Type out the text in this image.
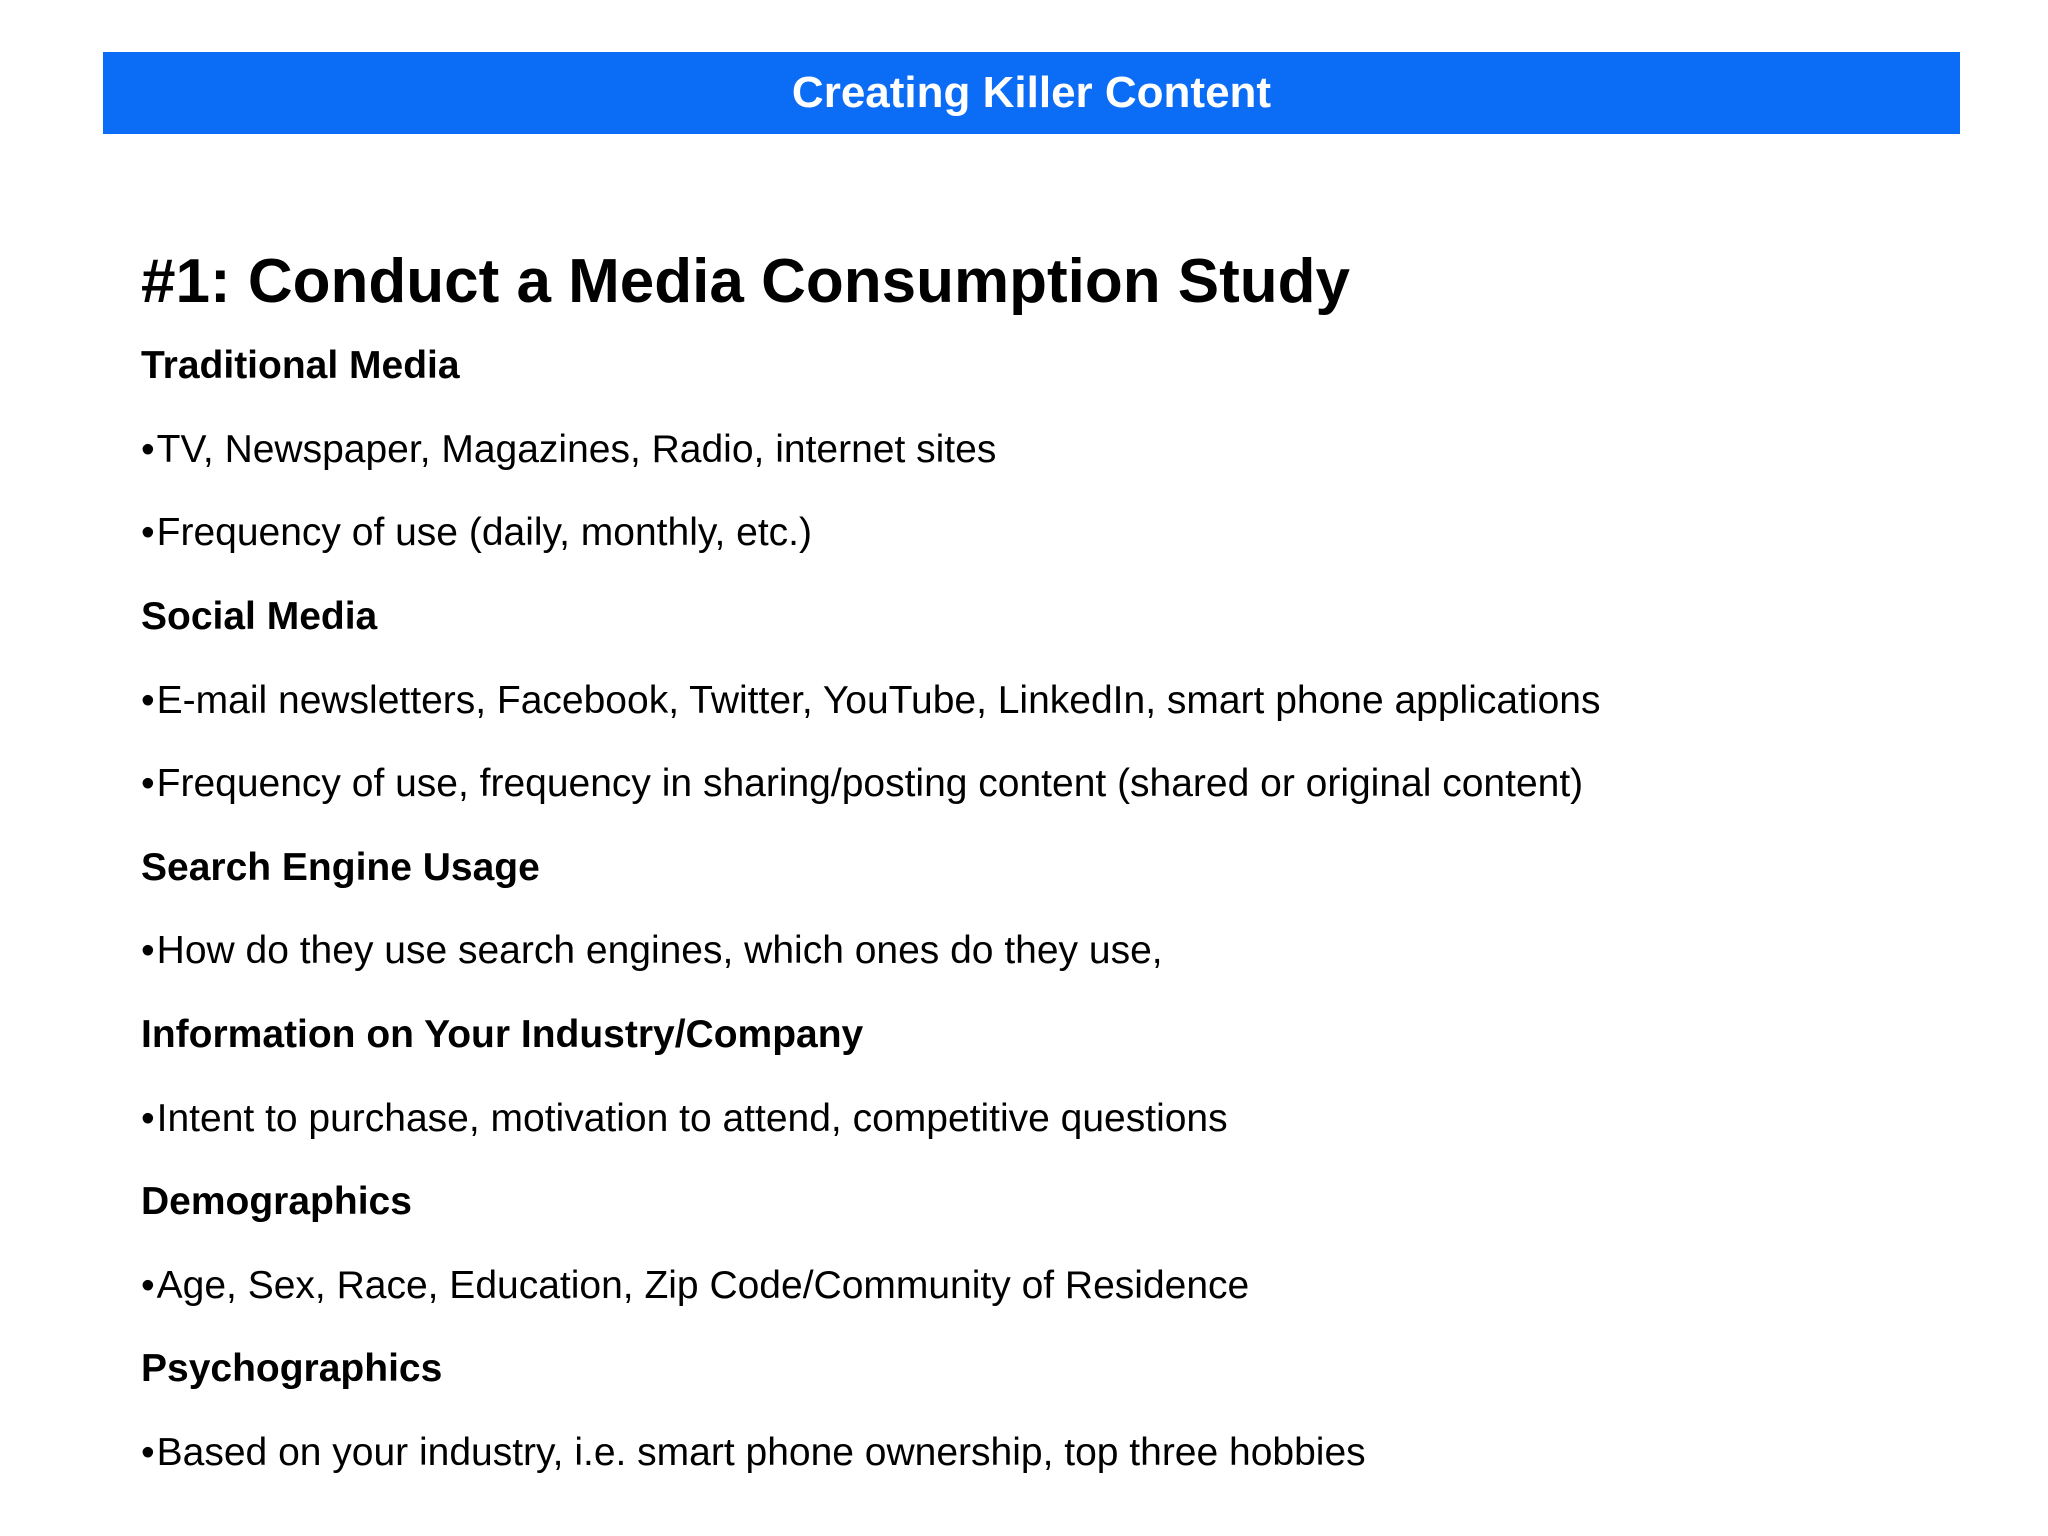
Creating Killer Content
#1: Conduct a Media Consumption Study
Traditional Media
• TV, Newspaper, Magazines, Radio, internet sites
• Frequency of use (daily, monthly, etc.)
Social Media
• E-mail newsletters, Facebook, Twitter, YouTube, LinkedIn, smart phone applications
• Frequency of use, frequency in sharing/posting content (shared or original content)
Search Engine Usage
• How do they use search engines, which ones do they use,
Information on Your Industry/Company
• Intent to purchase, motivation to attend, competitive questions
Demographics
• Age, Sex, Race, Education, Zip Code/Community of Residence
Psychographics
• Based on your industry, i.e. smart phone ownership, top three hobbies
